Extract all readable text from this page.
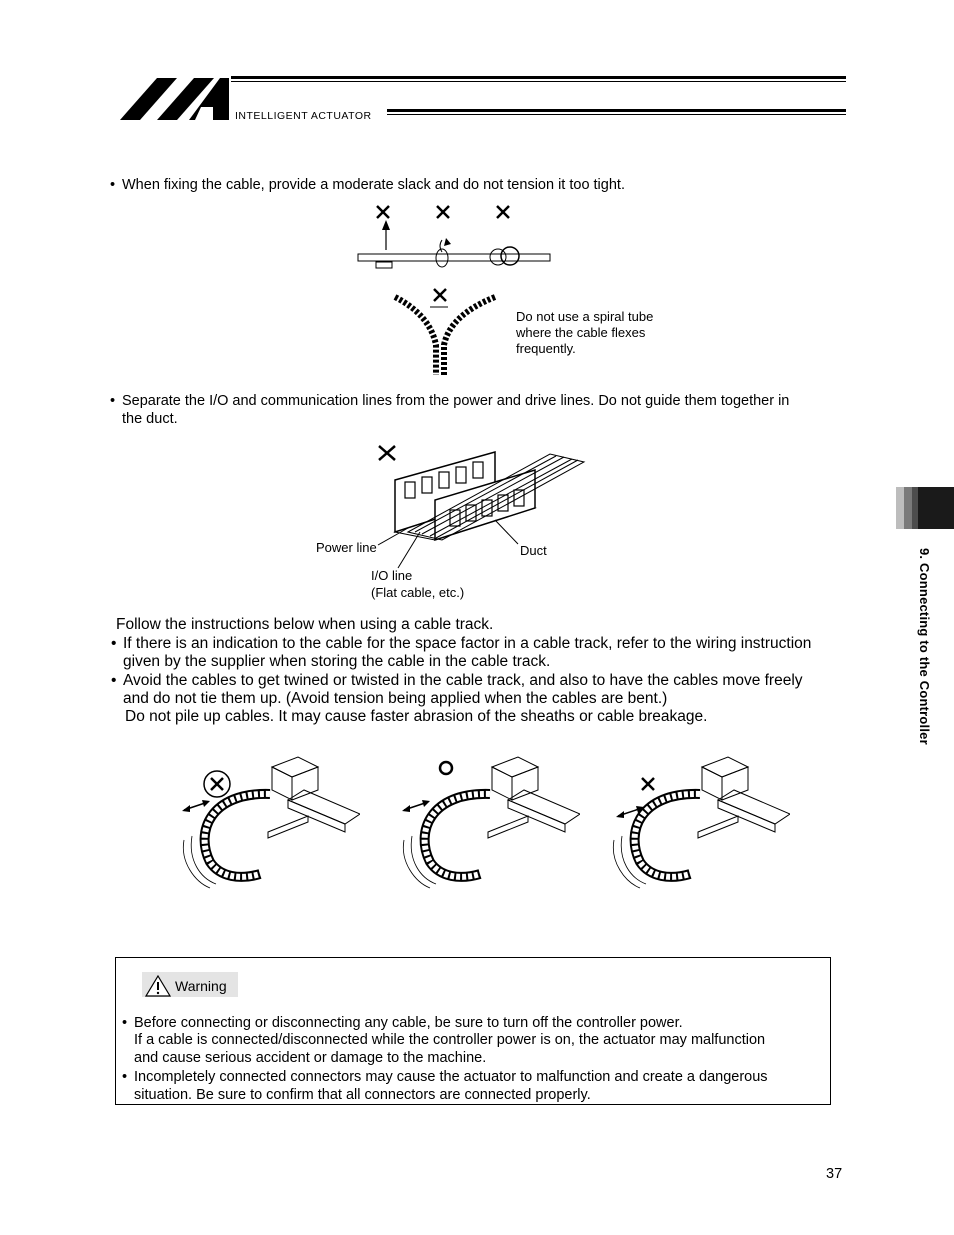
INTELLIGENT ACTUATOR
• When fixing the cable, provide a moderate slack and do not tension it too tight.
Do not use a spiral tube
where the cable flexes
frequently.
• Separate the I/O and communication lines from the power and drive lines. Do not guide them together in
the duct.
Power line	Duct
I/O line
(Flat cable, etc.)
Follow the instructions below when using a cable track.
• If there is an indication to the cable for the space factor in a cable track, refer to the wiring instruction
given by the supplier when storing the cable in the cable track.
• Avoid the cables to get twined or twisted in the cable track, and also to have the cables move freely
and do not tie them up. (Avoid tension being applied when the cables are bent.)
Do not pile up cables. It may cause faster abrasion of the sheaths or cable breakage.
Warning
• Before connecting or disconnecting any cable, be sure to turn off the controller power.
If a cable is connected/disconnected while the controller power is on, the actuator may malfunction
and cause serious accident or damage to the machine.
• Incompletely connected connectors may cause the actuator to malfunction and create a dangerous
situation. Be sure to confirm that all connectors are connected properly.
9. Connecting to the Controller
37
